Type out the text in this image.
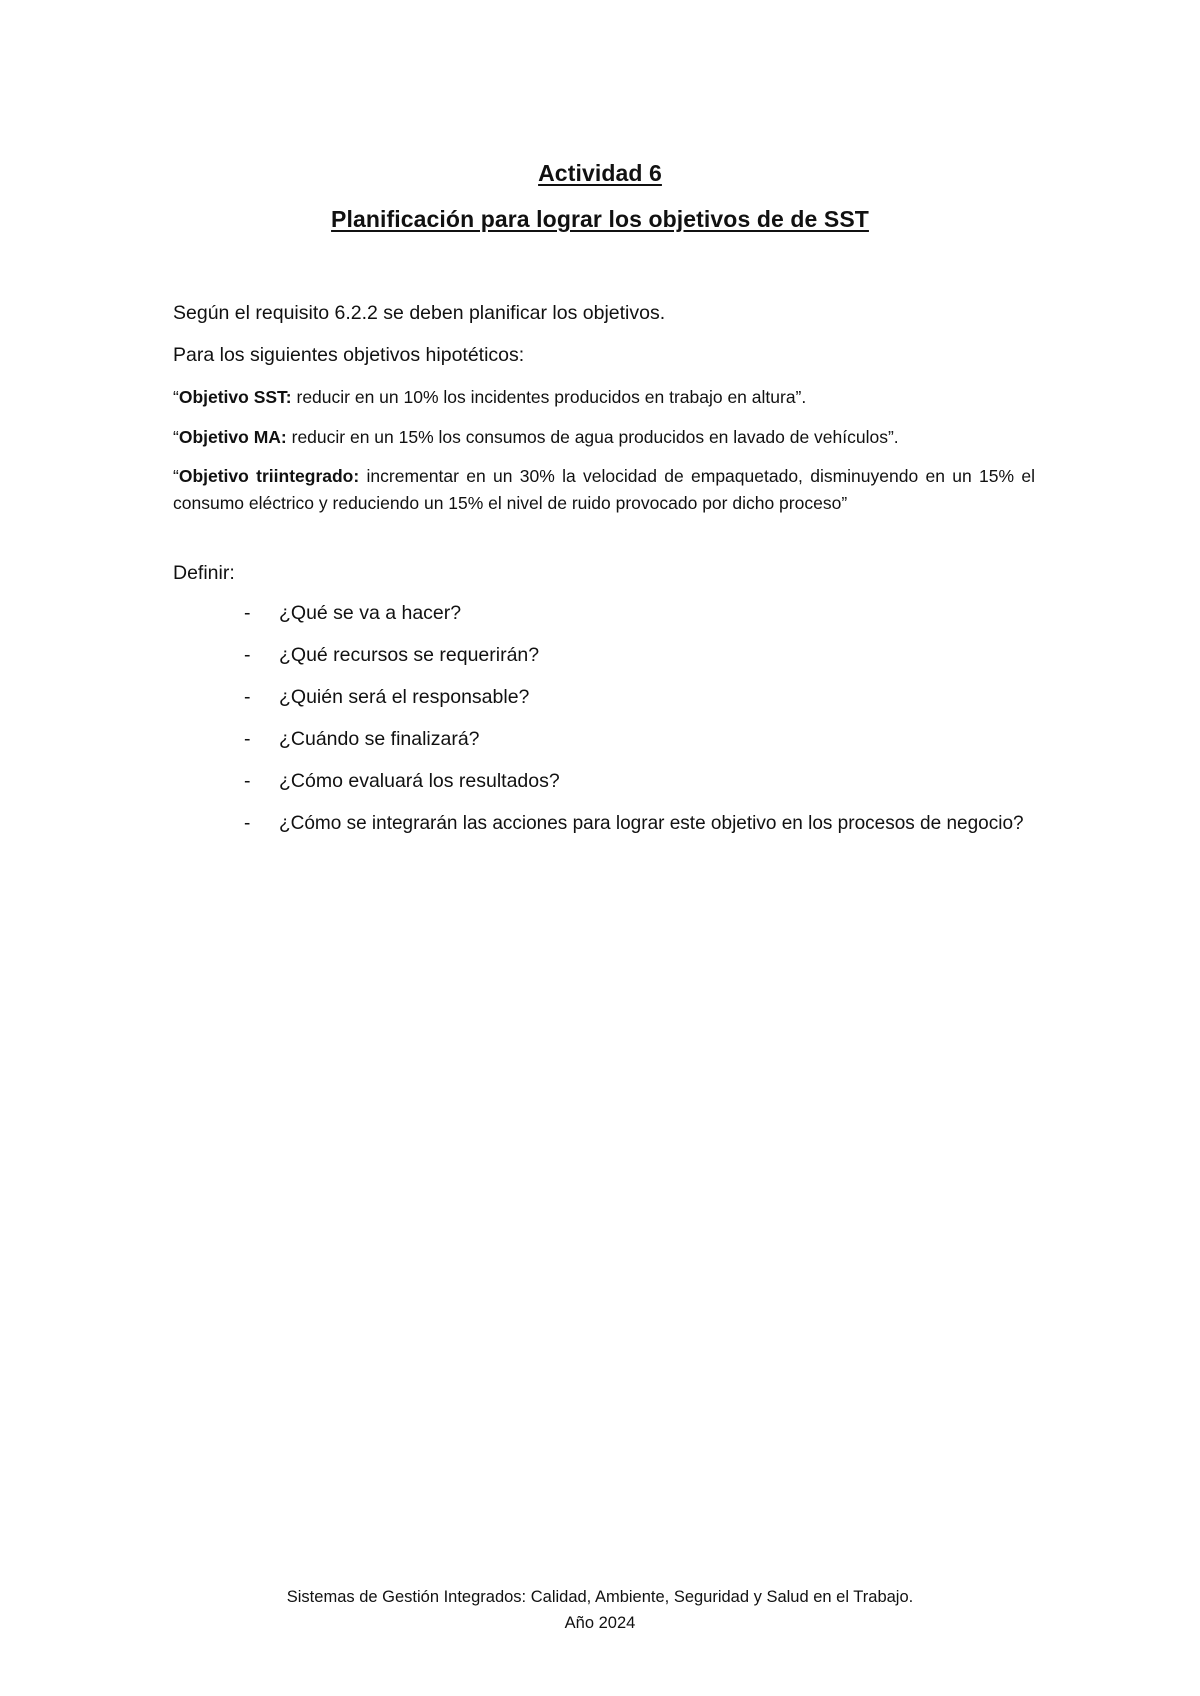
Actividad 6
Planificación para lograr los objetivos de de SST
Según el requisito 6.2.2 se deben planificar los objetivos.
Para los siguientes objetivos hipotéticos:
“Objetivo SST: reducir en un 10% los incidentes producidos en trabajo en altura”.
“Objetivo MA: reducir en un 15% los consumos de agua producidos en lavado de vehículos”.
“Objetivo triintegrado: incrementar en un 30% la velocidad de empaquetado, disminuyendo en un 15% el consumo eléctrico y reduciendo un 15% el nivel de ruido provocado por dicho proceso”
Definir:
- ¿Qué se va a hacer?
- ¿Qué recursos se requerirán?
- ¿Quién será el responsable?
- ¿Cuándo se finalizará?
- ¿Cómo evaluará los resultados?
- ¿Cómo se integrarán las acciones para lograr este objetivo en los procesos de negocio?
Sistemas de Gestión Integrados: Calidad, Ambiente, Seguridad y Salud en el Trabajo.
Año 2024
